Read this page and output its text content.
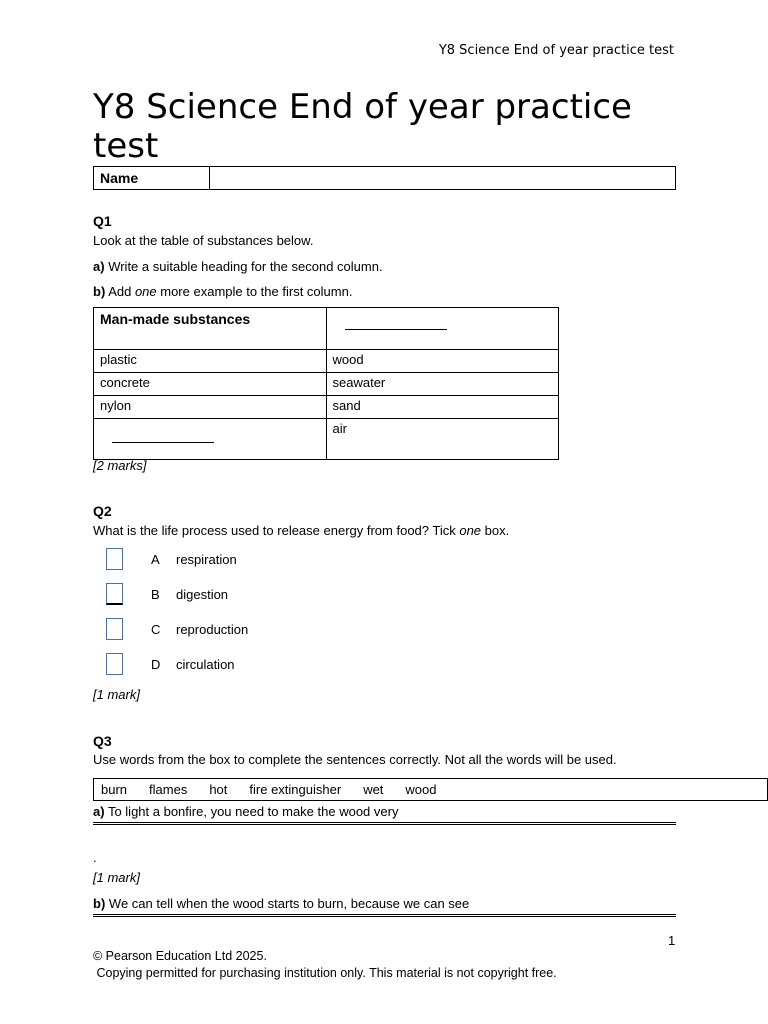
Y8 Science End of year practice test
Y8 Science End of year practice test
Name
Q1
Look at the table of substances below.
a) Write a suitable heading for the second column.
b) Add one more example to the first column.
Man-made substances	
plastic	wood
concrete	seawater
nylon	sand
	air
[2 marks]
Q2
What is the life process used to release energy from food? Tick one box.
A	respiration
B	digestion
C	reproduction
D	circulation
[1 mark]
Q3
Use words from the box to complete the sentences correctly. Not all the words will be used.
burn flames hot fire extinguisher wet wood
a) To light a bonfire, you need to make the wood very
.
[1 mark]
b) We can tell when the wood starts to burn, because we can see
1
© Pearson Education Ltd 2025.
Copying permitted for purchasing institution only. This material is not copyright free.
